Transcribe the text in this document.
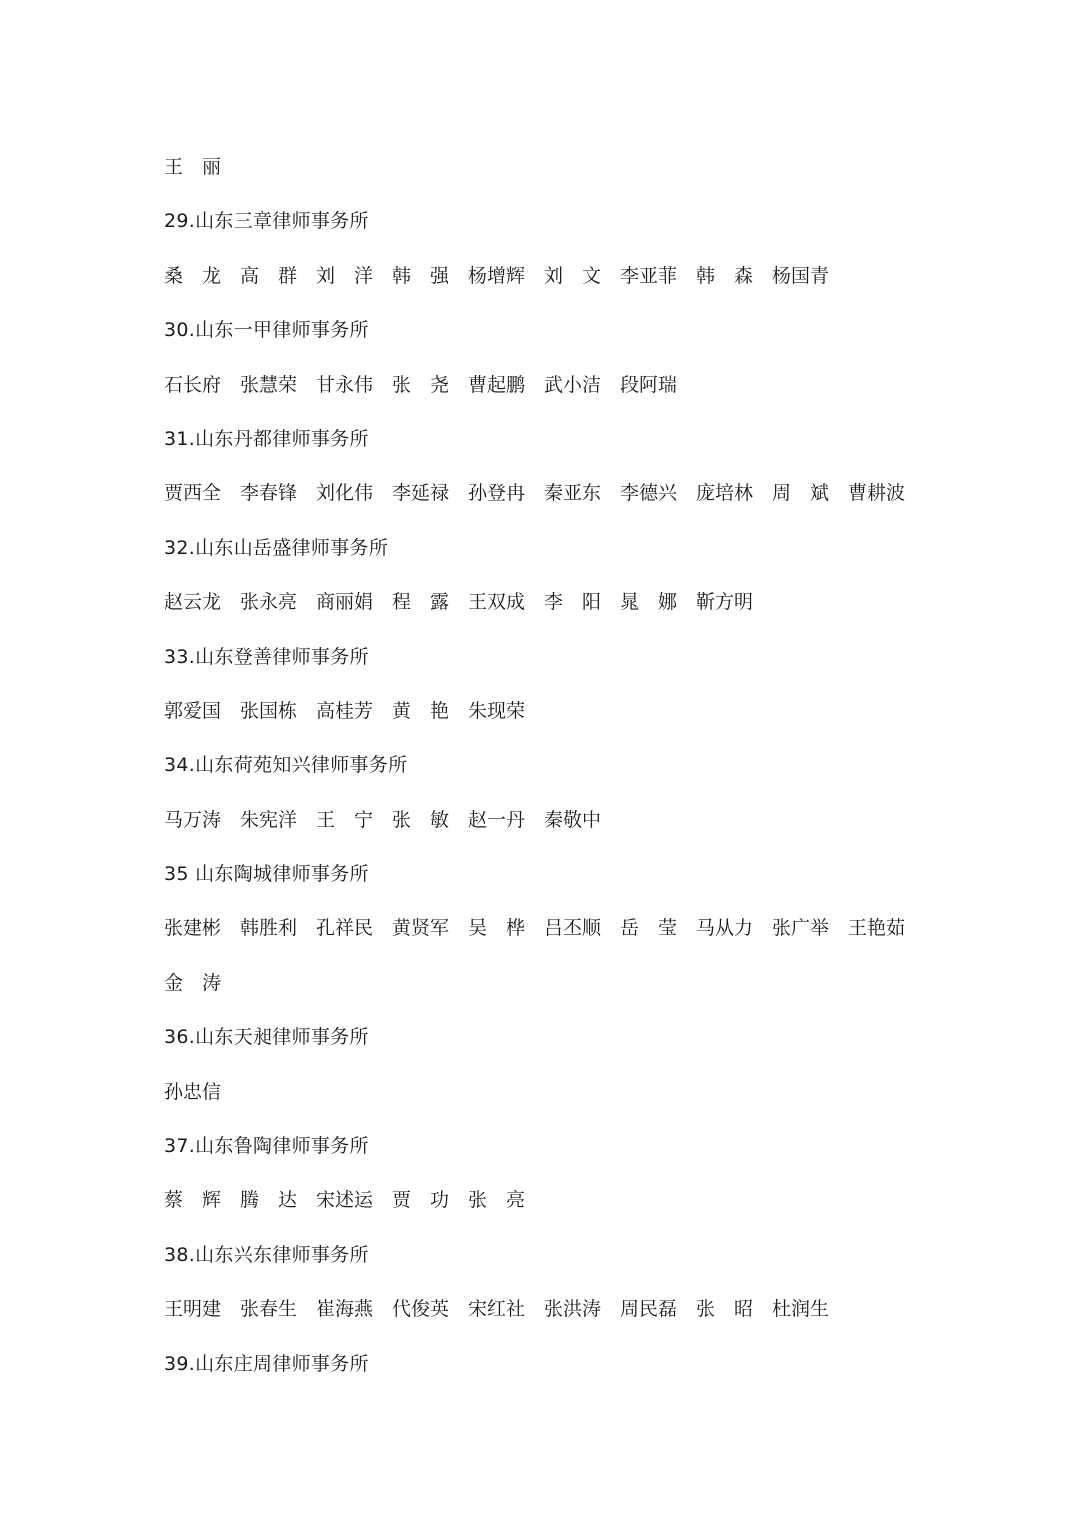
王丽
29.山东三章律师事务所
桑龙 高群 刘洋 韩强 杨增辉 刘文 李亚菲 韩森 杨国青
30.山东一甲律师事务所
石长府 张慧荣 甘永伟 张尧 曹起鹏 武小洁 段阿瑞
31.山东丹都律师事务所
贾西全 李春锋 刘化伟 李延禄 孙登冉 秦亚东 李德兴 庞培林 周斌 曹耕波
32.山东山岳盛律师事务所
赵云龙 张永亮 商丽娟 程露 王双成 李阳 晁娜 靳方明
33.山东登善律师事务所
郭爱国 张国栋 高桂芳 黄艳 朱现荣
34.山东荷苑知兴律师事务所
马万涛 朱宪洋 王宁 张敏 赵一丹 秦敬中
35 山东陶城律师事务所
张建彬 韩胜利 孔祥民 黄贤军 吴桦 吕丕顺 岳莹 马从力 张广举 王艳茹
金涛
36.山东天昶律师事务所
孙忠信
37.山东鲁陶律师事务所
蔡辉 腾达 宋述运 贾功 张亮
38.山东兴东律师事务所
王明建 张春生 崔海燕 代俊英 宋红社 张洪涛 周民磊 张昭 杜润生
39.山东庄周律师事务所
